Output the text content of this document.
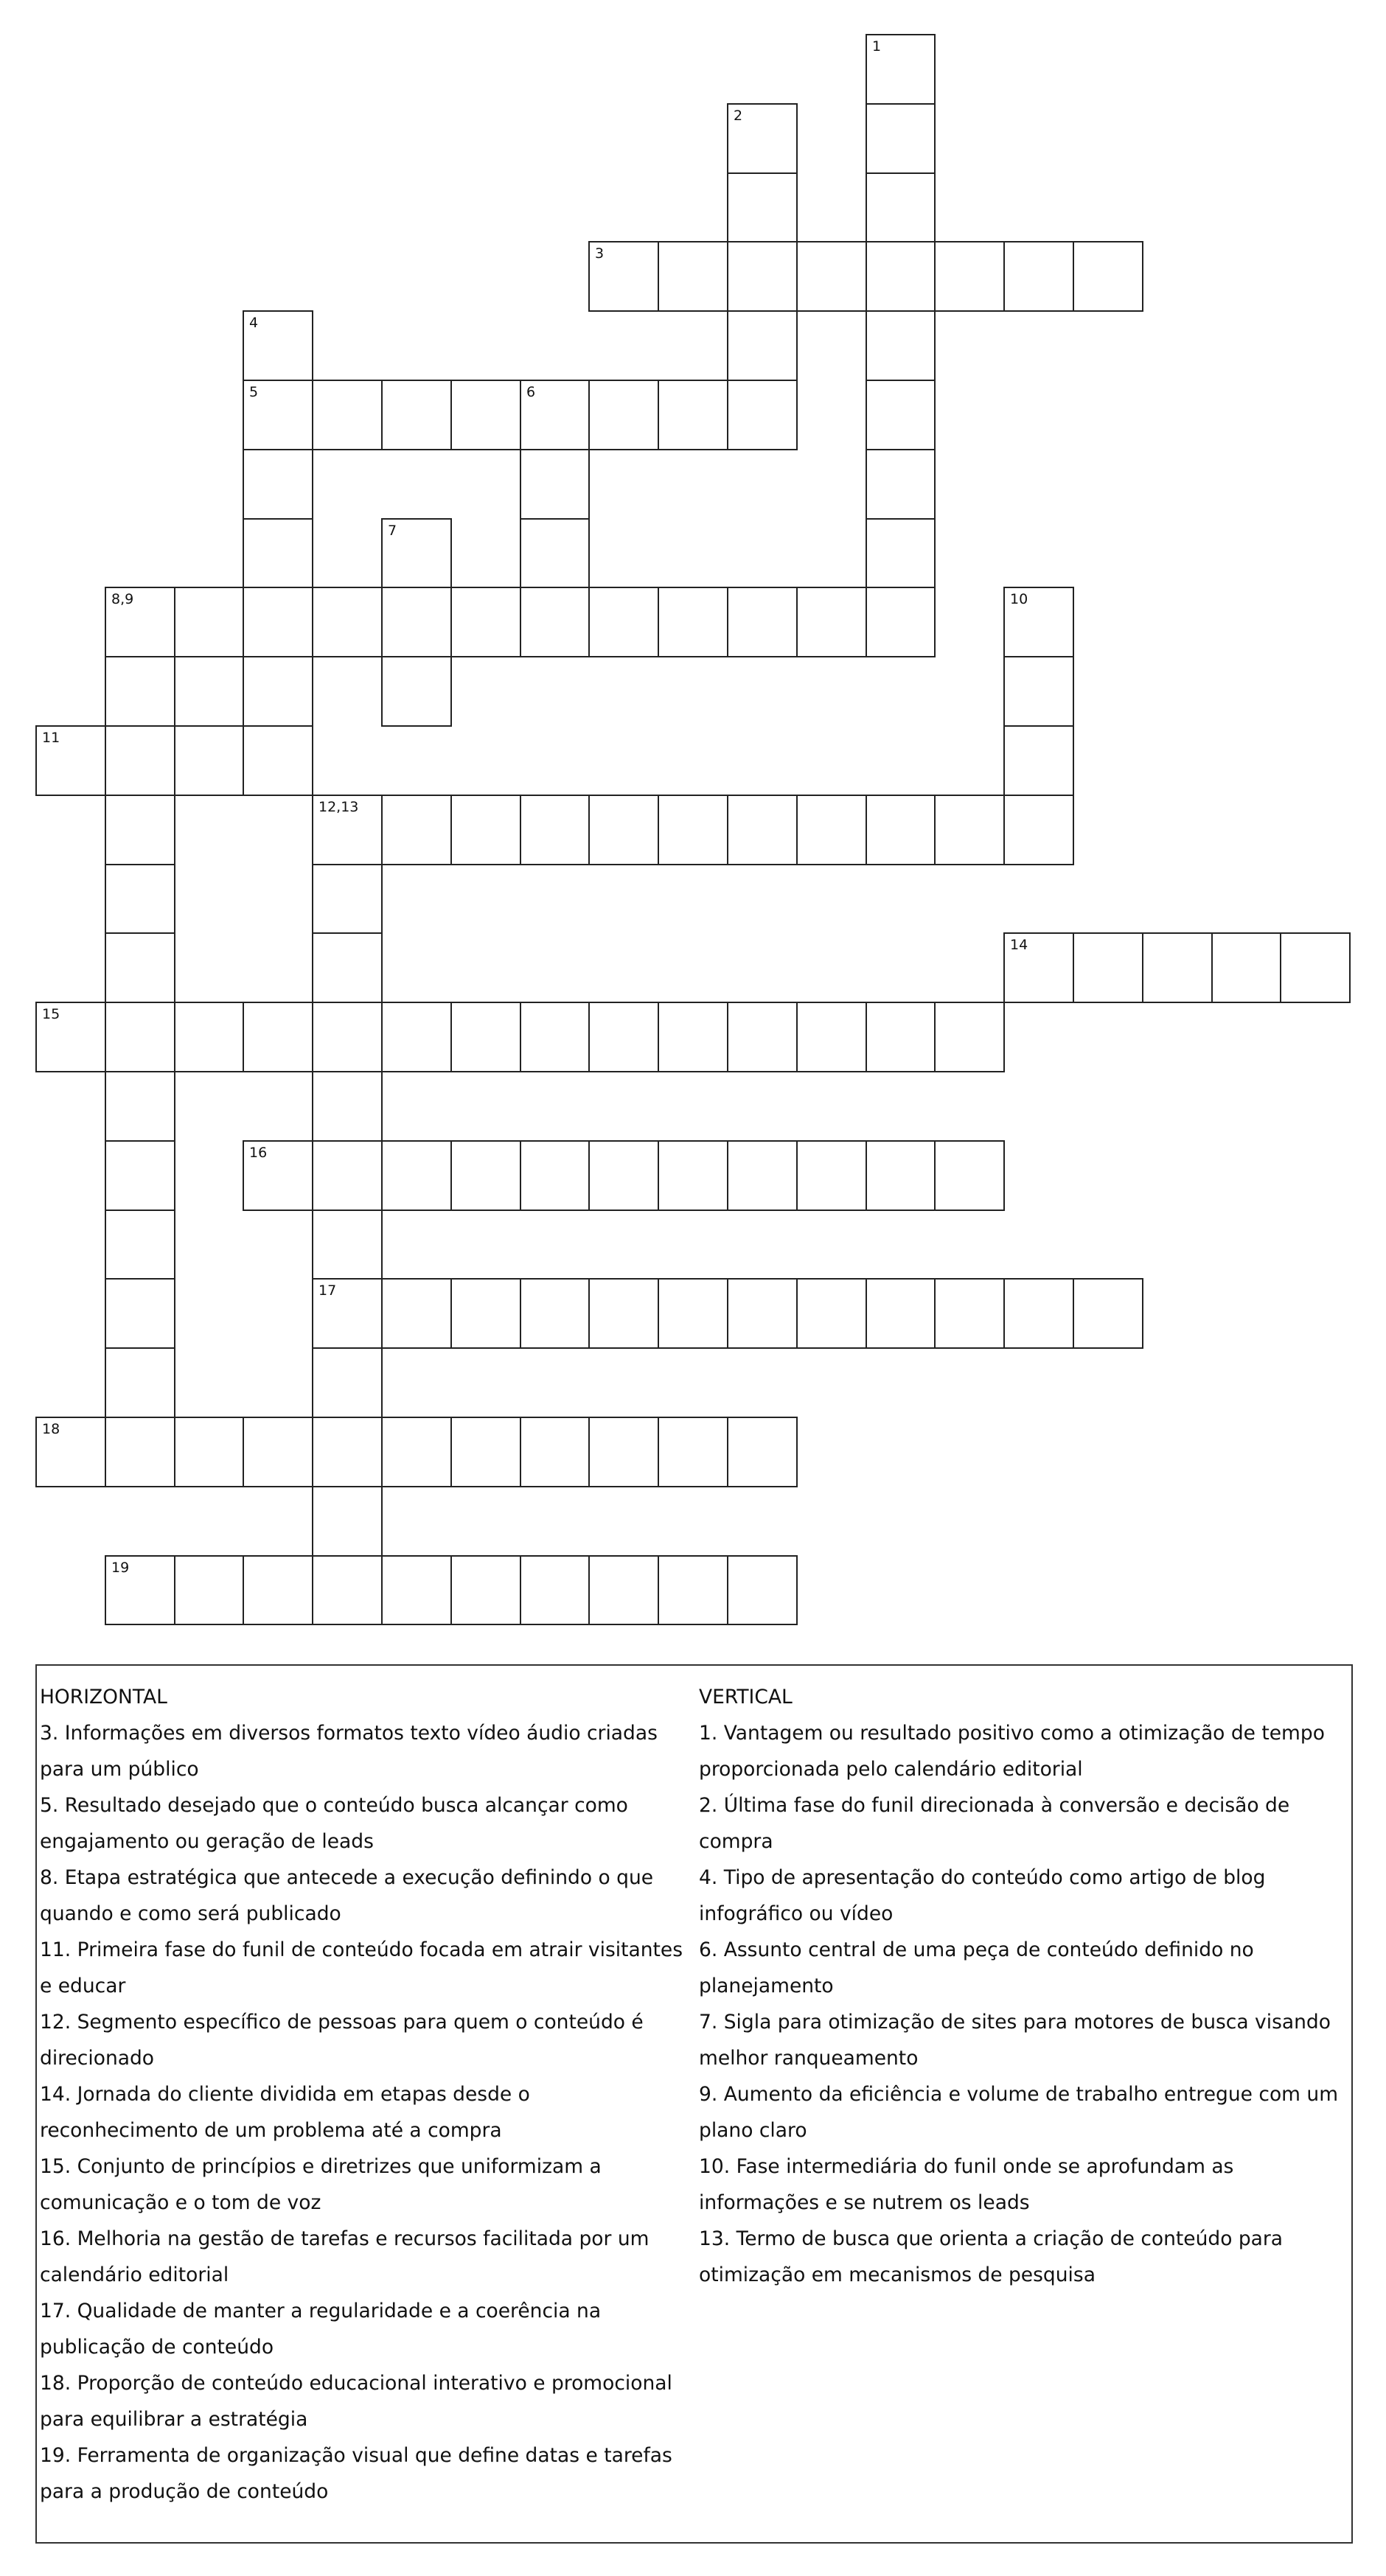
3
5	6
8,9
11
12,13
14
15
16
17
18
19
1
2
4
7
10
HORIZONTAL
3. Informações em diversos formatos texto vídeo áudio criadas para um público
5. Resultado desejado que o conteúdo busca alcançar como engajamento ou geração de leads
8. Etapa estratégica que antecede a execução definindo o que quando e como será publicado
11. Primeira fase do funil de conteúdo focada em atrair visitantes e educar
12. Segmento específico de pessoas para quem o conteúdo é direcionado
14. Jornada do cliente dividida em etapas desde o reconhecimento de um problema até a compra
15. Conjunto de princípios e diretrizes que uniformizam a comunicação e o tom de voz
16. Melhoria na gestão de tarefas e recursos facilitada por um calendário editorial
17. Qualidade de manter a regularidade e a coerência na publicação de conteúdo
18. Proporção de conteúdo educacional interativo e promocional para equilibrar a estratégia
19. Ferramenta de organização visual que define datas e tarefas para a produção de conteúdo
VERTICAL
1. Vantagem ou resultado positivo como a otimização de tempo proporcionada pelo calendário editorial
2. Última fase do funil direcionada à conversão e decisão de compra
4. Tipo de apresentação do conteúdo como artigo de blog infográfico ou vídeo
6. Assunto central de uma peça de conteúdo definido no planejamento
7. Sigla para otimização de sites para motores de busca visando melhor ranqueamento
9. Aumento da eficiência e volume de trabalho entregue com um plano claro
10. Fase intermediária do funil onde se aprofundam as informações e se nutrem os leads
13. Termo de busca que orienta a criação de conteúdo para otimização em mecanismos de pesquisa
